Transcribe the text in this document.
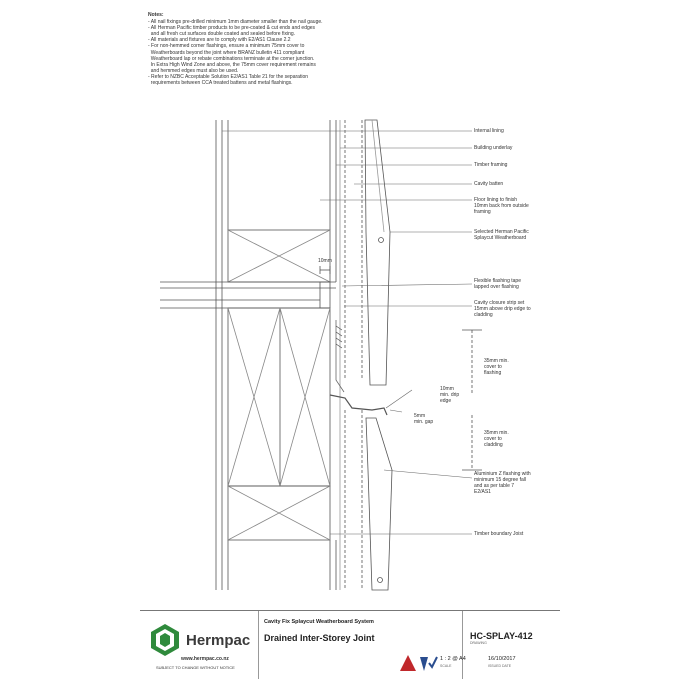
Notes:
- All nail fixings pre-drilled minimum 1mm diameter smaller than the nail gauge.
- All Herman Pacific timber products to be pre-coated & cut ends and edges
and all fresh cut surfaces double coated and sealed before fixing.
- All materials and fixtures are to comply with E2/AS1 Clause 2.2
- For non-hemmed corner flashings, ensure a minimum 75mm cover to
Weatherboards beyond the joint where BRANZ bulletin 411 compliant
Weatherboard lap or rebate combinations terminate at the corner junction.
In Extra High Wind Zone and above, the 75mm cover requirement remains
and hemmed edges must also be used.
- Refer to NZBC Acceptable Solution E2/AS1 Table 21 for the separation
requirements between CCA treated battens and metal flashings.
Internal lining
Building underlay
Timber framing
Cavity batten
Floor lining to finish
10mm back from outside
framing
Selected Herman Pacific
Splaycut Weatherboard
Flexible flashing tape
lapped over flashing
Cavity closure strip set
15mm above drip edge to
cladding
35mm min.
cover to
flashing
10mm
min. drip
edge
5mm
min. gap
35mm min.
cover to
cladding
Aluminium Z flashing with
minimum 15 degree fall
and as per table 7
E2/AS1
Timber boundary Joist
10mm
Hermpac
www.hermpac.co.nz
SUBJECT TO CHANGE WITHOUT NOTICE
Cavity Fix Splaycut Weatherboard System
Drained Inter-Storey Joint	HC-SPLAY-412
DRAWING
1 : 2 @ A4
SCALE
16/10/2017
ISSUED DATE
